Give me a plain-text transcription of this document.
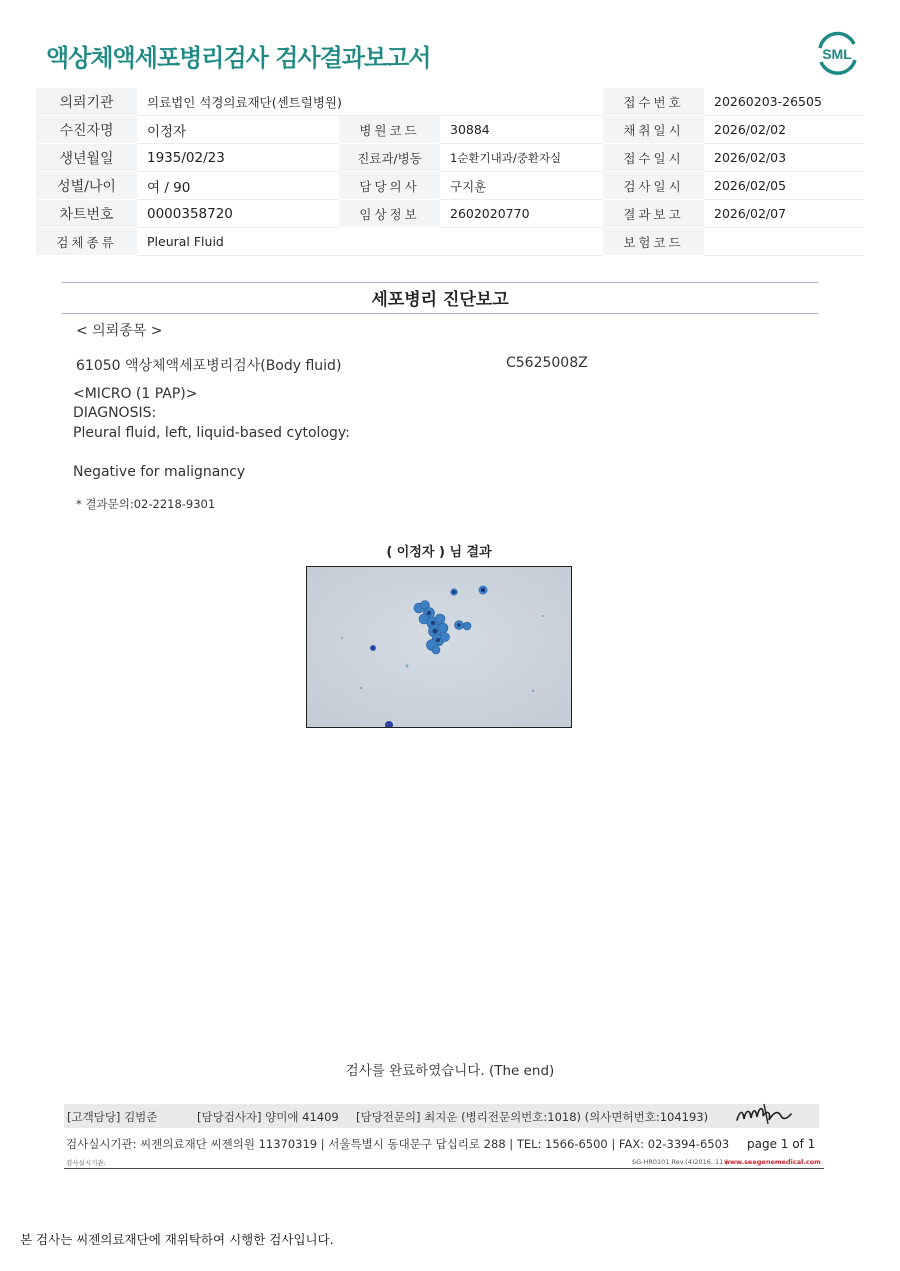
액상체액세포병리검사 검사결과보고서	SML
의뢰기관	의료법인 석경의료재단(센트럴병원)			접수번호	20260203-26505
수진자명	이정자	병원코드	30884	채취일시	2026/02/02
생년월일	1935/02/23	진료과/병동	1순환기내과/중환자실	접수일시	2026/02/03
성별/나이	여 / 90	담당의사	구지훈	검사일시	2026/02/05
차트번호	0000358720	임상정보	2602020770	결과보고	2026/02/07
검체종류	Pleural Fluid			보험코드	
세포병리 진단보고
< 의뢰종목 >
61050 액상체액세포병리검사(Body fluid)	C5625008Z
<MICRO (1 PAP)>
DIAGNOSIS:
Pleural fluid, left, liquid-based cytology:
Negative for malignancy
* 결과문의:02-2218-9301
( 이정자 ) 님 결과
검사를 완료하였습니다. (The end)
[고객담당] 김범준	[담당검사자] 양미애 41409 [담당전문의] 최지운 (병리전문의번호:1018) (의사면허번호:104193)
검사실시기관: 씨젠의료재단 씨젠의원 11370319 | 서울특별시 동대문구 답십리로 288 | TEL: 1566-6500 | FAX: 02-3394-6503 page 1 of 1
검사실시기관:	SG-HR0101 Rev.(4)2016. 11 |
www.seegenemedical.com
본 검사는 씨젠의료재단에 재위탁하여 시행한 검사입니다.
